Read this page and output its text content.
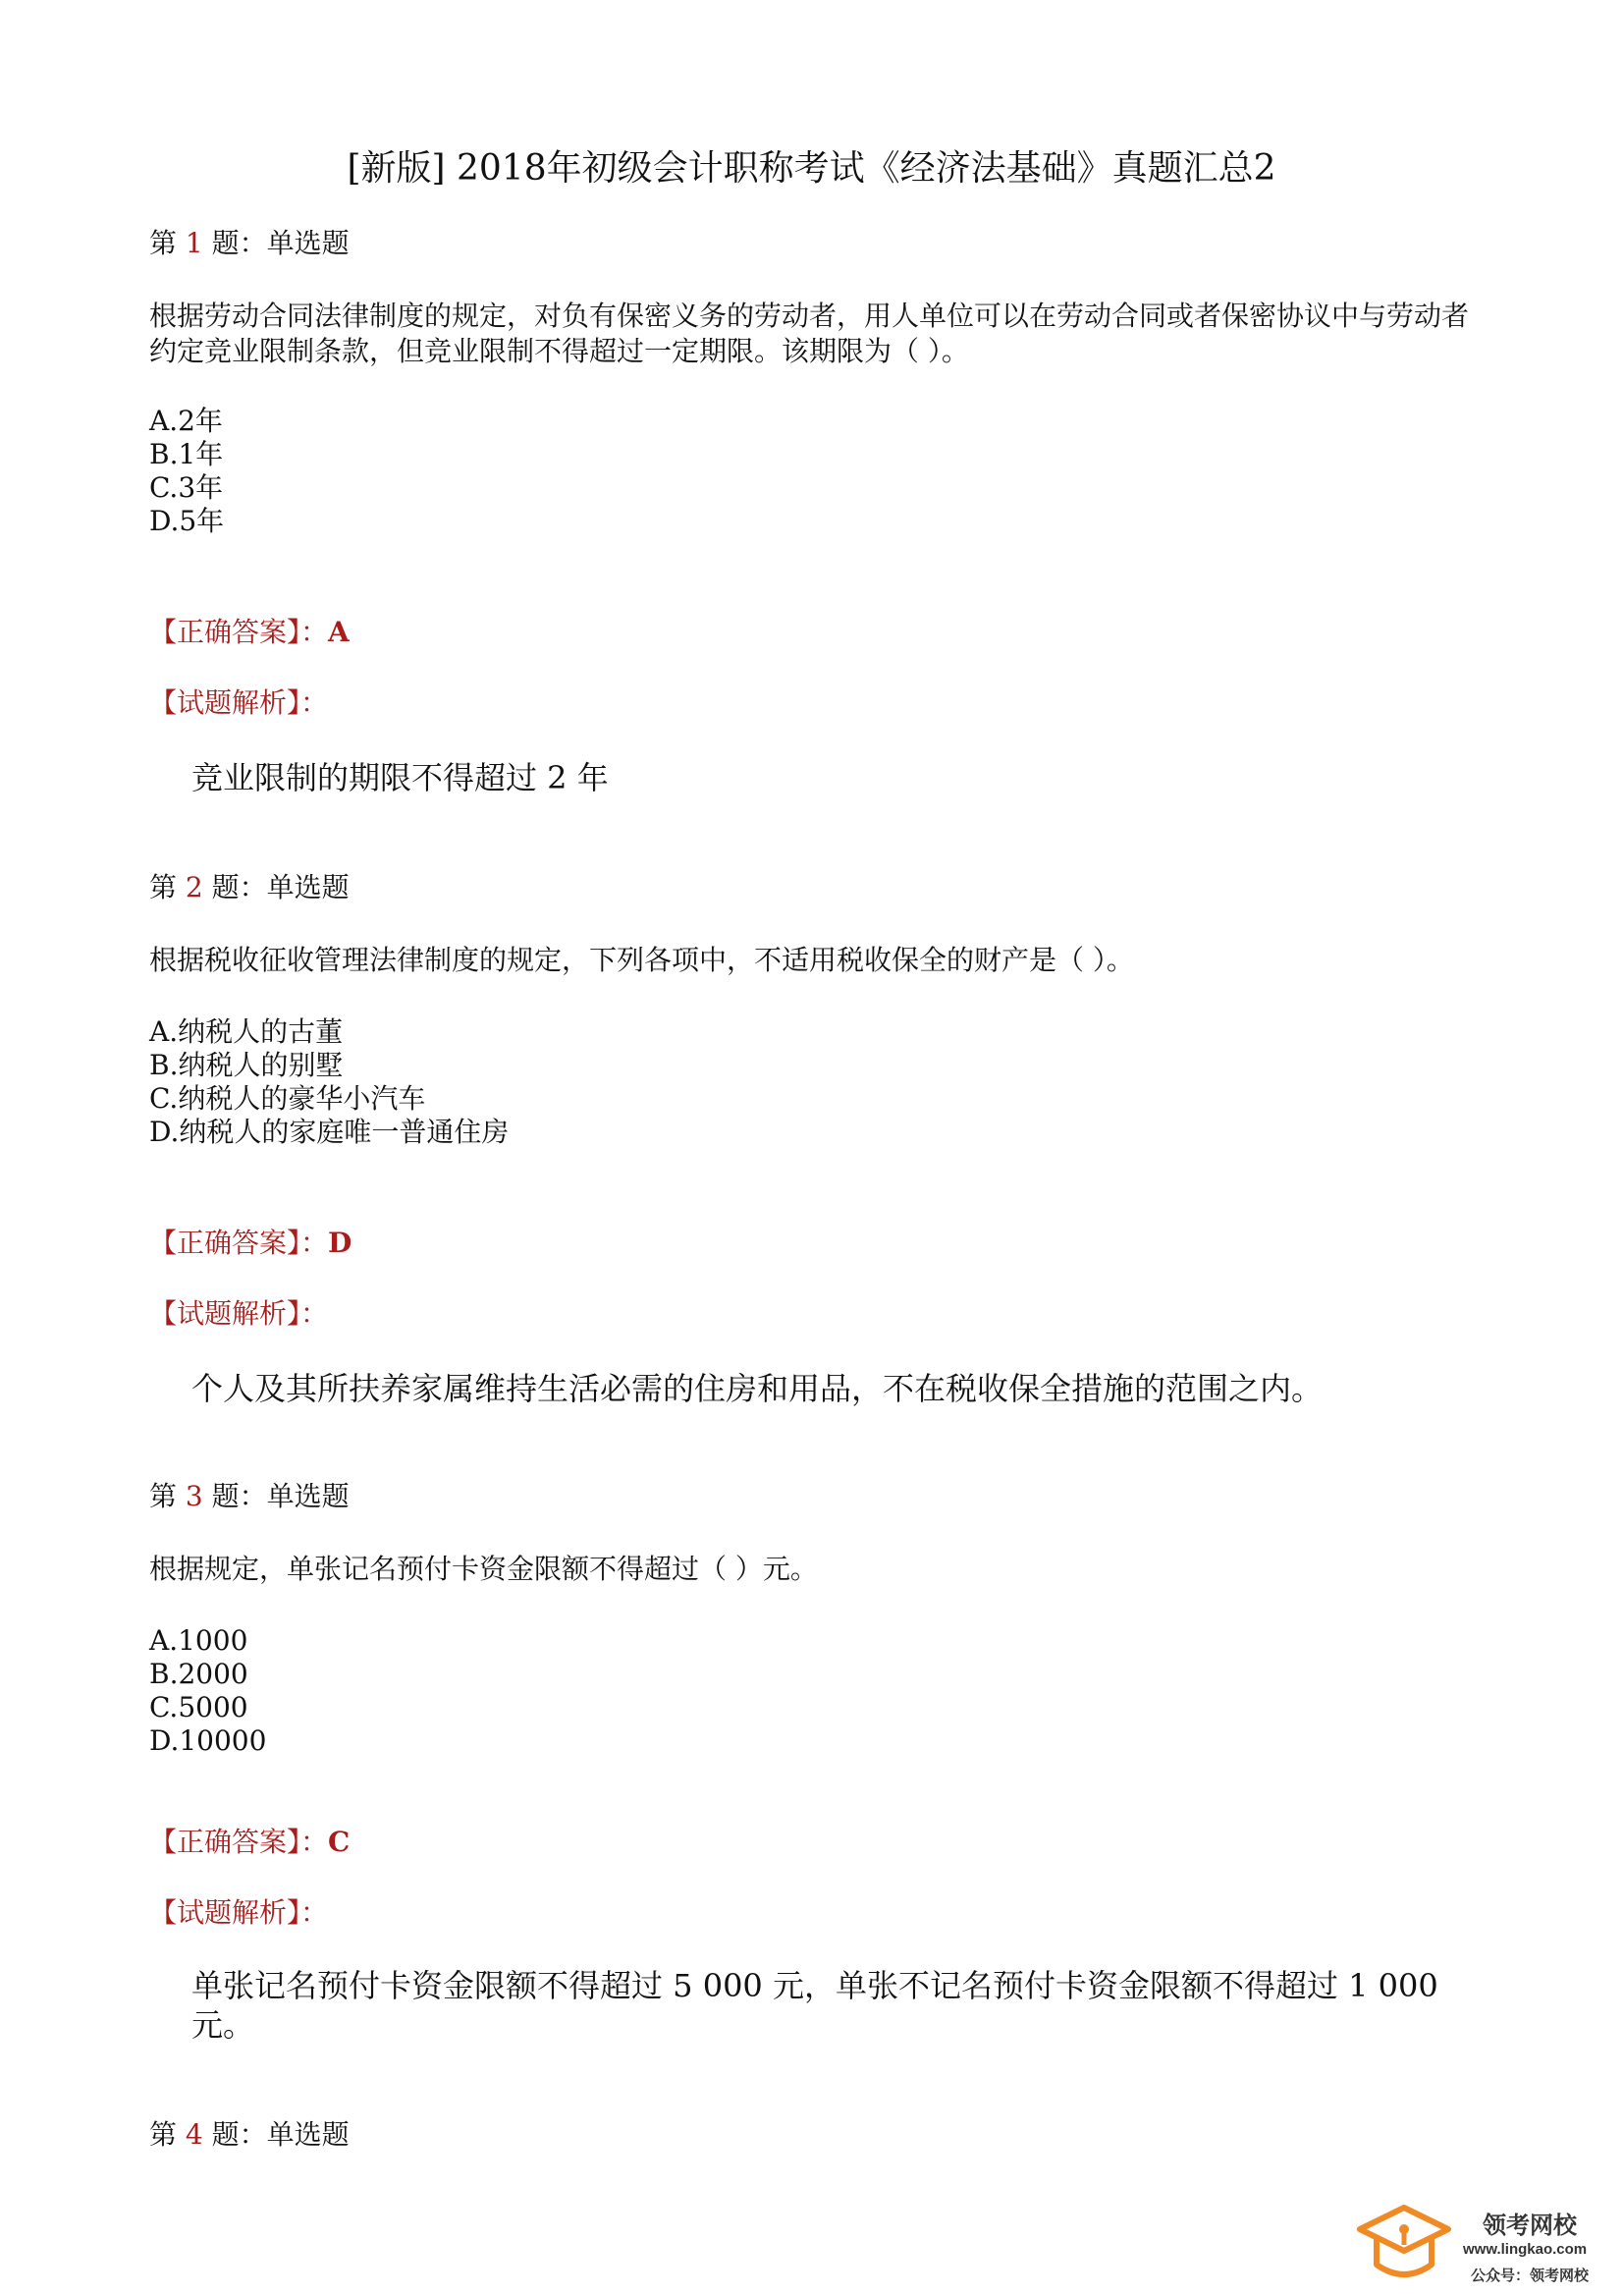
[新版] 2018年初级会计职称考试《经济法基础》真题汇总2
第 1 题：单选题
根据劳动合同法律制度的规定，对负有保密义务的劳动者，用人单位可以在劳动合同或者保密协议中与劳动者约定竞业限制条款，但竞业限制不得超过一定期限。该期限为（ ）。
A.2年
B.1年
C.3年
D.5年
【正确答案】：A
【试题解析】：
竞业限制的期限不得超过 2 年
第 2 题：单选题
根据税收征收管理法律制度的规定，下列各项中，不适用税收保全的财产是（ ）。
A.纳税人的古董
B.纳税人的别墅
C.纳税人的豪华小汽车
D.纳税人的家庭唯一普通住房
【正确答案】：D
【试题解析】：
个人及其所扶养家属维持生活必需的住房和用品，不在税收保全措施的范围之内。
第 3 题：单选题
根据规定，单张记名预付卡资金限额不得超过（ ）元。
A.1000
B.2000
C.5000
D.10000
【正确答案】：C
【试题解析】：
单张记名预付卡资金限额不得超过 5 000 元，单张不记名预付卡资金限额不得超过 1 000 元。
第 4 题：单选题
领考网校
www.lingkao.com
公众号：领考网校
